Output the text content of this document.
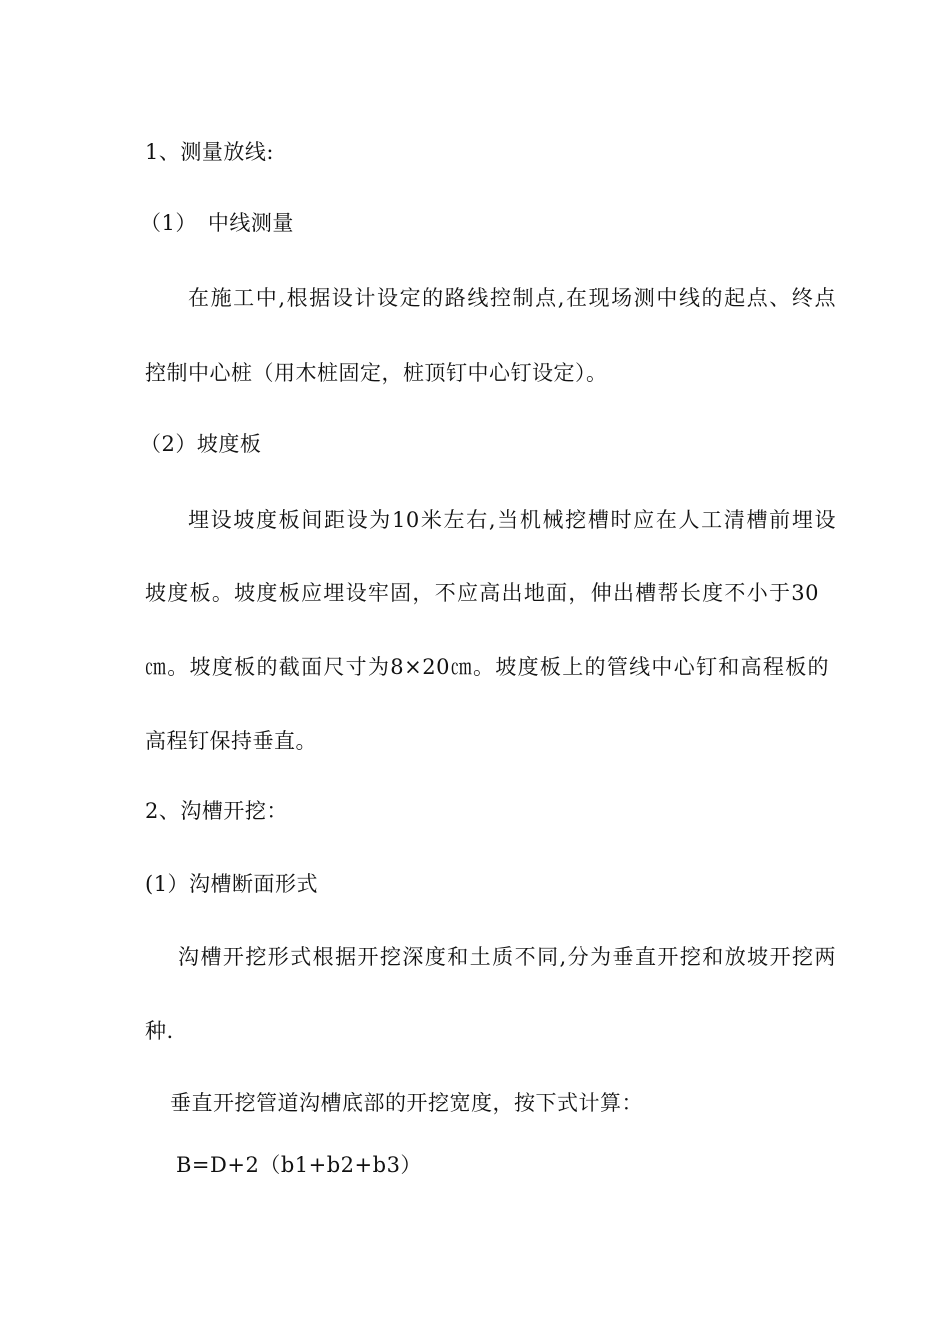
1、测量放线:
（1）　中线测量
在施工中,根据设计设定的路线控制点,在现场测中线的起点、终点
控制中心桩（用木桩固定，桩顶钉中心钉设定）。
（2）坡度板
埋设坡度板间距设为10米左右,当机械挖槽时应在人工清槽前埋设
坡度板。坡度板应埋设牢固，不应高出地面，伸出槽帮长度不小于30
㎝。坡度板的截面尺寸为8×20㎝。坡度板上的管线中心钉和高程板的
高程钉保持垂直。
2、沟槽开挖：
(1）沟槽断面形式
沟槽开挖形式根据开挖深度和土质不同,分为垂直开挖和放坡开挖两
种.
垂直开挖管道沟槽底部的开挖宽度，按下式计算：
B=D+2（b1+b2+b3）
